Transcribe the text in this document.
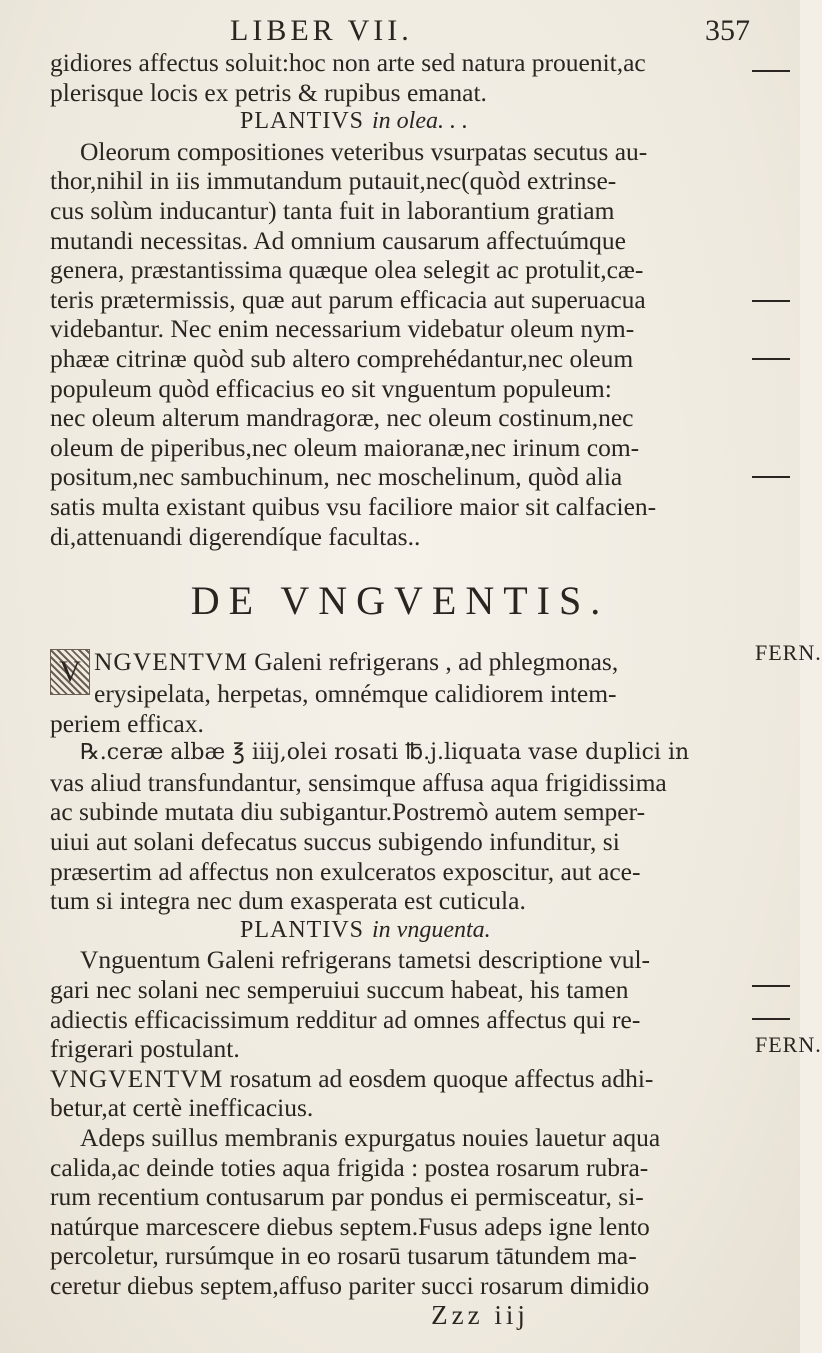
LIBER VII.	357
gidiores affectus soluit:hoc non arte sed natura prouenit,ac
plerisque locis ex petris & rupibus emanat.
PLANTIVS in olea. . .
Oleorum compositiones veteribus vsurpatas secutus au-
thor,nihil in iis immutandum putauit,nec(quòd extrinse-
cus solùm inducantur) tanta fuit in laborantium gratiam
mutandi necessitas. Ad omnium causarum affectuúmque
genera, præstantissima quæque olea selegit ac protulit,cæ-
teris prætermissis, quæ aut parum efficacia aut superuacua
videbantur. Nec enim necessarium videbatur oleum nym-
phææ citrinæ quòd sub altero comprehédantur,nec oleum
populeum quòd efficacius eo sit vnguentum populeum:
nec oleum alterum mandragoræ, nec oleum costinum,nec
oleum de piperibus,nec oleum maioranæ,nec irinum com-
positum,nec sambuchinum, nec moschelinum, quòd alia
satis multa existant quibus vsu faciliore maior sit calfacien-
di,attenuandi digerendíque facultas..
DE VNGVENTIS.
V NGVENTVM Galeni refrigerans , ad phlegmonas,
erysipelata, herpetas, omnémque calidiorem intem-
periem efficax.
℞.ceræ albæ ℥ iiij,olei rosati ℔.j.liquata vase duplici in
vas aliud transfundantur, sensimque affusa aqua frigidissima
ac subinde mutata diu subigantur.Postremò autem semper-
uiui aut solani defecatus succus subigendo infunditur, si
præsertim ad affectus non exulceratos exposcitur, aut ace-
tum si integra nec dum exasperata est cuticula.
PLANTIVS in vnguenta.
Vnguentum Galeni refrigerans tametsi descriptione vul-
gari nec solani nec semperuiui succum habeat, his tamen
adiectis efficacissimum redditur ad omnes affectus qui re-
frigerari postulant.
VNGVENTVM rosatum ad eosdem quoque affectus adhi-
betur,at certè inefficacius.
Adeps suillus membranis expurgatus nouies lauetur aqua
calida,ac deinde toties aqua frigida : postea rosarum rubra-
rum recentium contusarum par pondus ei permisceatur, si-
natúrque marcescere diebus septem.Fusus adeps igne lento
percoletur, rursúmque in eo rosarū tusarum tātundem ma-
ceretur diebus septem,affuso pariter succi rosarum dimidio
Zzz iij
FERN.
FERN.
